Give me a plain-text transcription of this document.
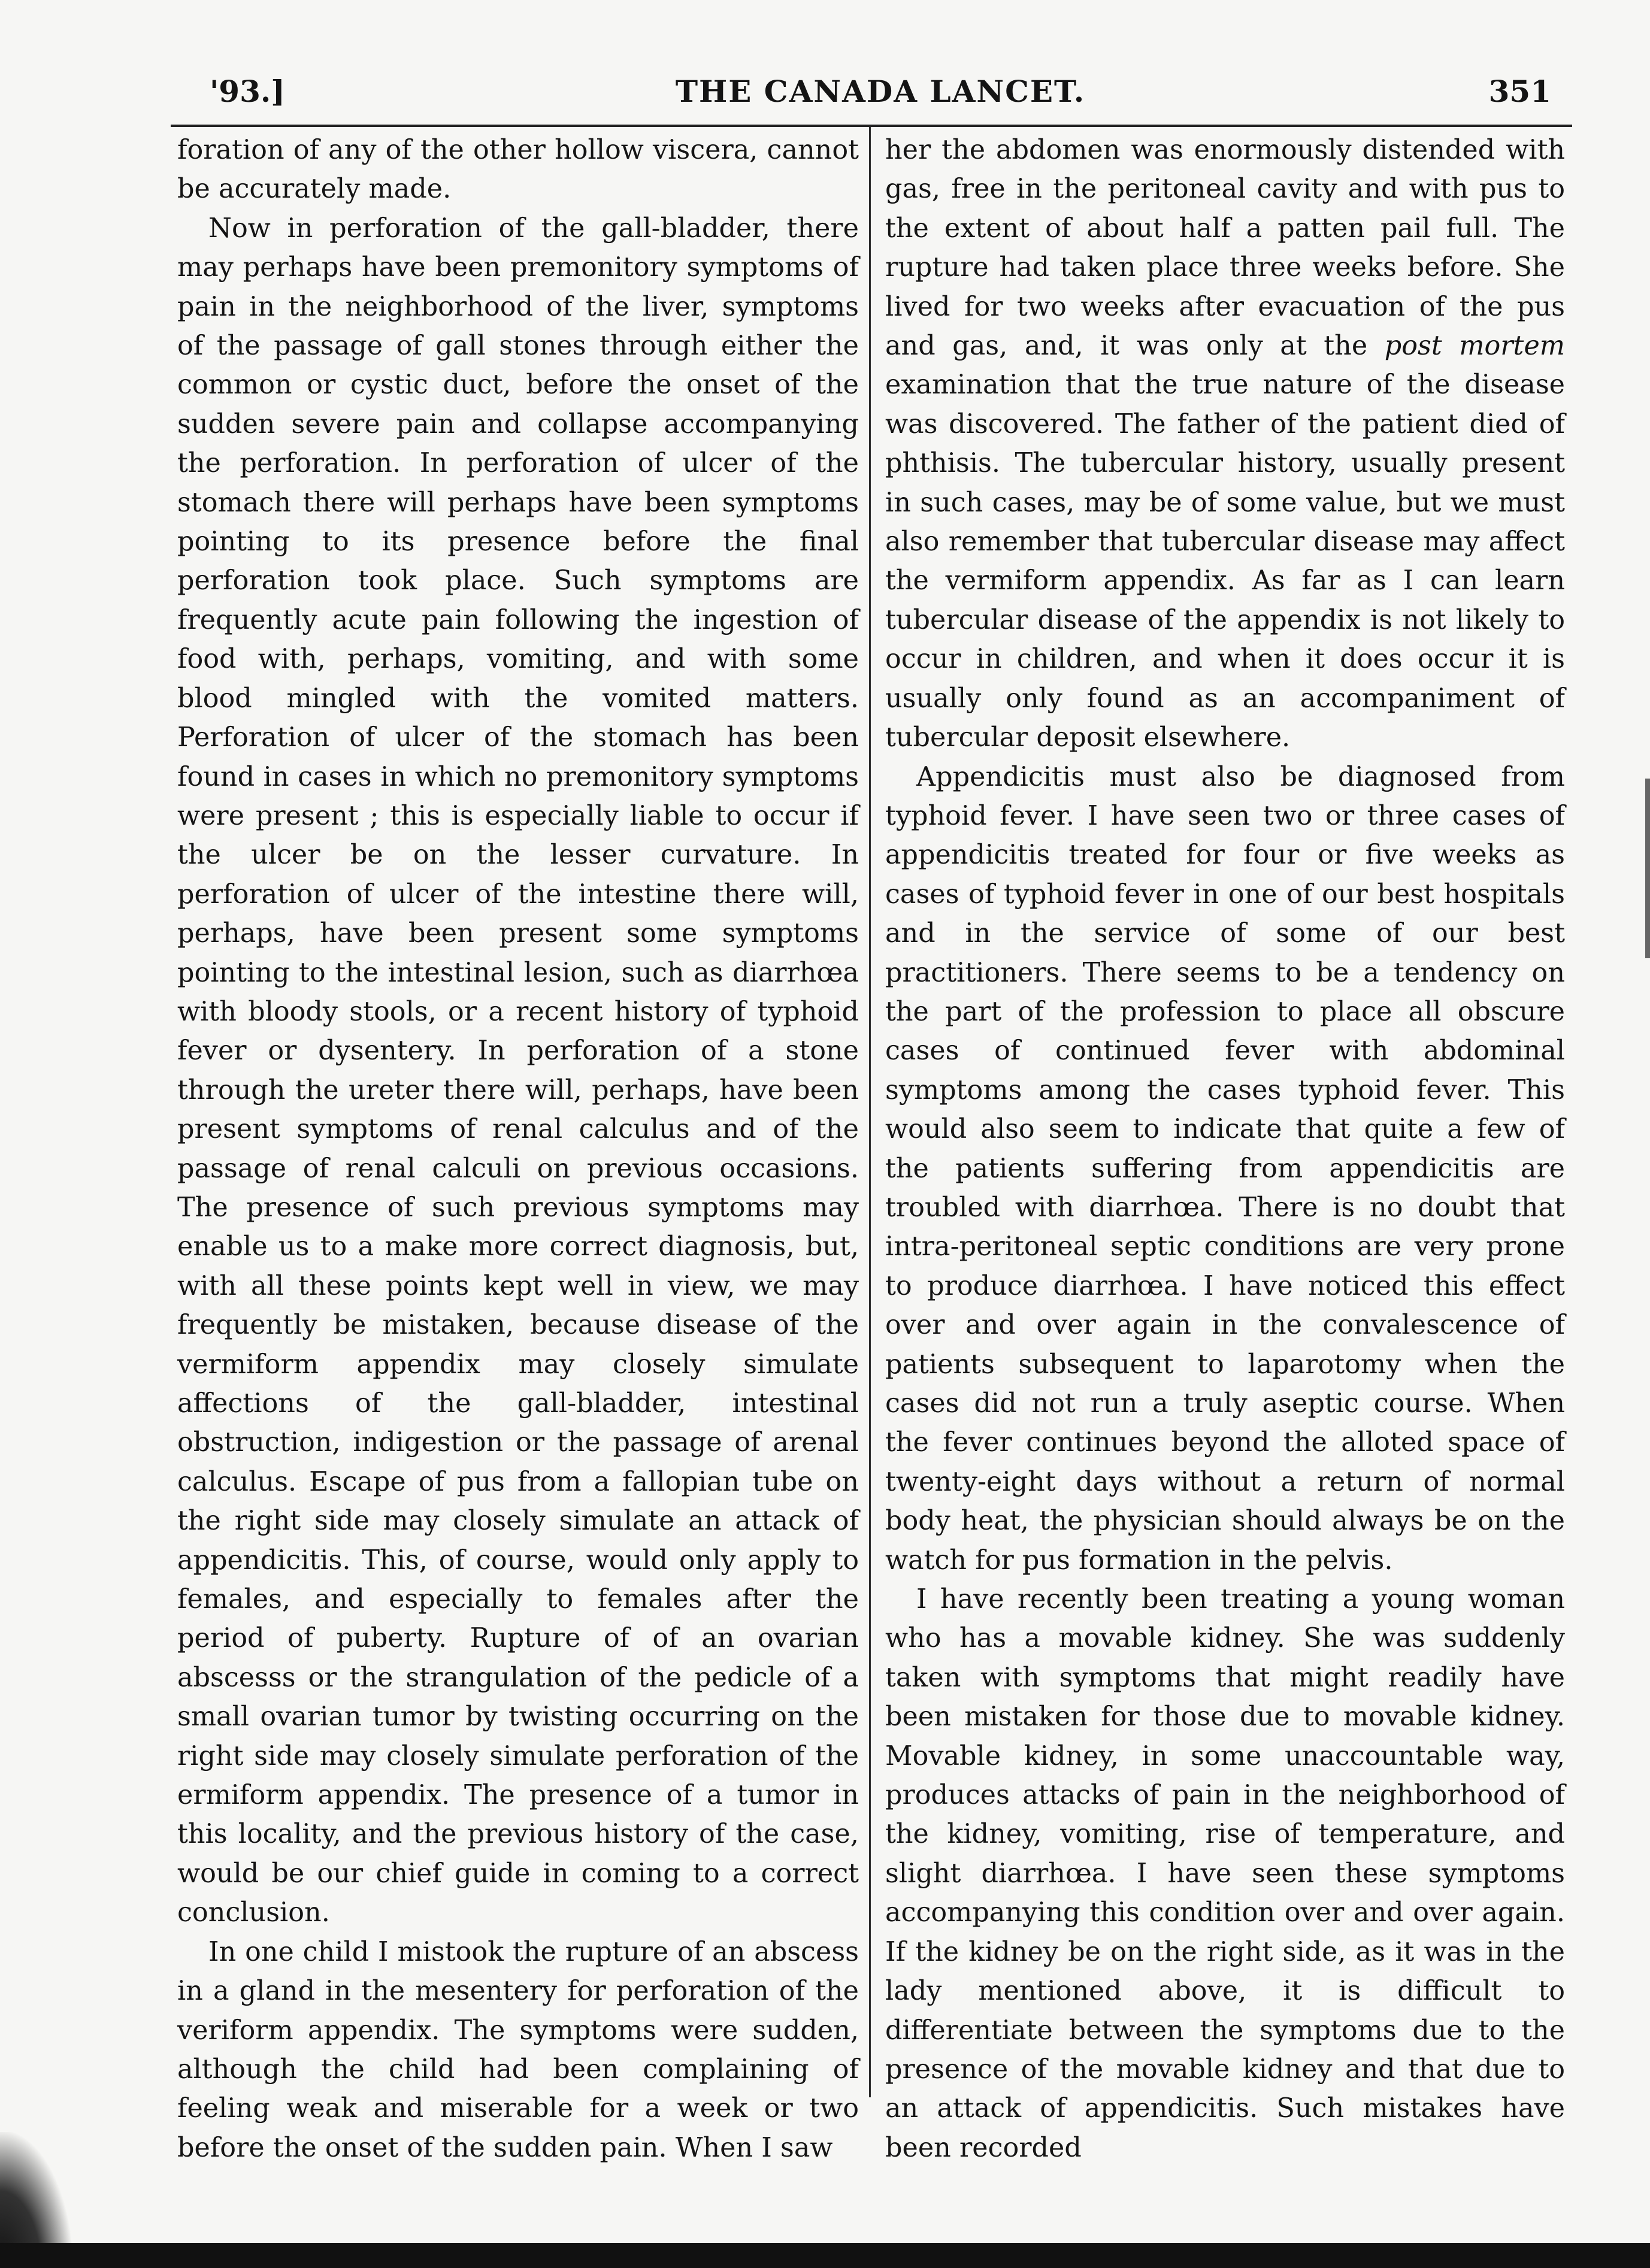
'93.]	THE CANADA LANCET.	351

foration of any of the other hollow viscera, cannot be accurately made.

Now in perforation of the gall-bladder, there may perhaps have been premonitory symptoms of pain in the neighborhood of the liver, symptoms of the passage of gall stones through either the common or cystic duct, before the onset of the sudden severe pain and collapse accompanying the perforation. In perforation of ulcer of the stomach there will perhaps have been symptoms pointing to its presence before the final perforation took place. Such symptoms are frequently acute pain following the ingestion of food with, perhaps, vomiting, and with some blood mingled with the vomited matters. Perforation of ulcer of the stomach has been found in cases in which no premonitory symptoms were present ; this is especially liable to occur if the ulcer be on the lesser curvature. In perforation of ulcer of the intestine there will, perhaps, have been present some symptoms pointing to the intestinal lesion, such as diarrhœa with bloody stools, or a recent history of typhoid fever or dysentery. In perforation of a stone through the ureter there will, perhaps, have been present symptoms of renal calculus and of the passage of renal calculi on previous occasions. The presence of such previous symptoms may enable us to a make more correct diagnosis, but, with all these points kept well in view, we may frequently be mistaken, because disease of the vermiform appendix may closely simulate affections of the gall-bladder, intestinal obstruction, indigestion or the passage of arenal calculus. Escape of pus from a fallopian tube on the right side may closely simulate an attack of appendicitis. This, of course, would only apply to females, and especially to females after the period of puberty. Rupture of of an ovarian abscesss or the strangulation of the pedicle of a small ovarian tumor by twisting occurring on the right side may closely simulate perforation of the ermiform appendix. The presence of a tumor in this locality, and the previous history of the case, would be our chief guide in coming to a correct conclusion.

In one child I mistook the rupture of an abscess in a gland in the mesentery for perforation of the veriform appendix. The symptoms were sudden, although the child had been complaining of feeling weak and miserable for a week or two before the onset of the sudden pain. When I saw

her the abdomen was enormously distended with gas, free in the peritoneal cavity and with pus to the extent of about half a patten pail full. The rupture had taken place three weeks before. She lived for two weeks after evacuation of the pus and gas, and, it was only at the post mortem examination that the true nature of the disease was discovered. The father of the patient died of phthisis. The tubercular history, usually present in such cases, may be of some value, but we must also remember that tubercular disease may affect the vermiform appendix. As far as I can learn tubercular disease of the appendix is not likely to occur in children, and when it does occur it is usually only found as an accompaniment of tubercular deposit elsewhere.

Appendicitis must also be diagnosed from typhoid fever. I have seen two or three cases of appendicitis treated for four or five weeks as cases of typhoid fever in one of our best hospitals and in the service of some of our best practitioners. There seems to be a tendency on the part of the profession to place all obscure cases of continued fever with abdominal symptoms among the cases typhoid fever. This would also seem to indicate that quite a few of the patients suffering from appendicitis are troubled with diarrhœa. There is no doubt that intra-peritoneal septic conditions are very prone to produce diarrhœa. I have noticed this effect over and over again in the convalescence of patients subsequent to laparotomy when the cases did not run a truly aseptic course. When the fever continues beyond the alloted space of twenty-eight days without a return of normal body heat, the physician should always be on the watch for pus formation in the pelvis.

I have recently been treating a young woman who has a movable kidney. She was suddenly taken with symptoms that might readily have been mistaken for those due to movable kidney. Movable kidney, in some unaccountable way, produces attacks of pain in the neighborhood of the kidney, vomiting, rise of temperature, and slight diarrhœa. I have seen these symptoms accompanying this condition over and over again. If the kidney be on the right side, as it was in the lady mentioned above, it is difficult to differentiate between the symptoms due to the presence of the movable kidney and that due to an attack of appendicitis. Such mistakes have been recorded
